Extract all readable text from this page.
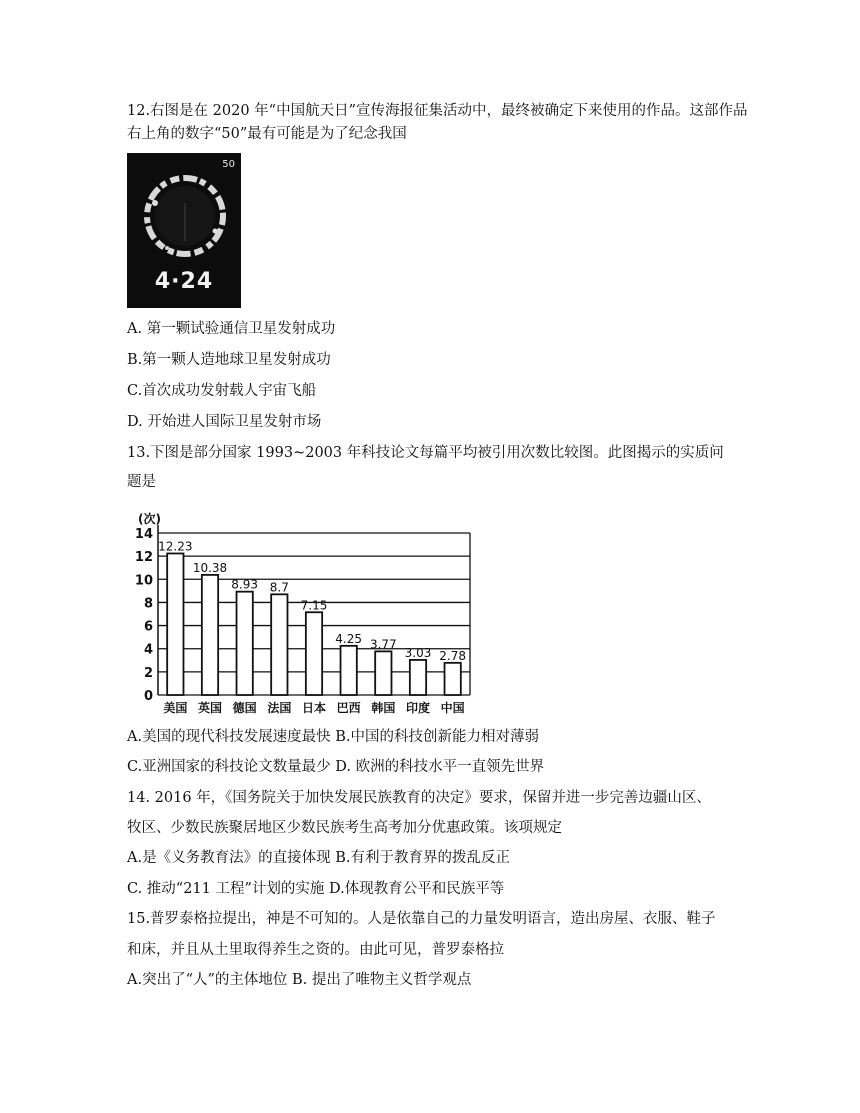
12.右图是在 2020 年“中国航天日”宣传海报征集活动中，最终被确定下来使用的作品。这部作品
右上角的数字“50”最有可能是为了纪念我国
50
4·24
A. 第一颗试验通信卫星发射成功
B.第一颗人造地球卫星发射成功
C.首次成功发射载人宇宙飞船
D. 开始进人国际卫星发射市场
13.下图是部分国家 1993~2003 年科技论文每篇平均被引用次数比较图。此图揭示的实质问
题是
(次)
0
2
4
6
8
10
12
14
12.23
美国
10.38
英国
8.93
德国
8.7
法国
7.15
日本
4.25
巴西
3.77
韩国
3.03
印度
2.78
中国
A.美国的现代科技发展速度最快 B.中国的科技创新能力相对薄弱
C.亚洲国家的科技论文数量最少 D. 欧洲的科技水平一直领先世界
14. 2016 年，《国务院关于加快发展民族教育的决定》要求，保留并进一步完善边疆山区、
牧区、少数民族聚居地区少数民族考生高考加分优惠政策。该项规定
A.是《义务教育法》的直接体现 B.有利于教育界的拨乱反正
C. 推动“211 工程”计划的实施 D.体现教育公平和民族平等
15.普罗泰格拉提出，神是不可知的。人是依靠自己的力量发明语言，造出房屋、衣服、鞋子
和床，并且从土里取得养生之资的。由此可见，普罗泰格拉
A.突出了“人”的主体地位 B. 提出了唯物主义哲学观点
